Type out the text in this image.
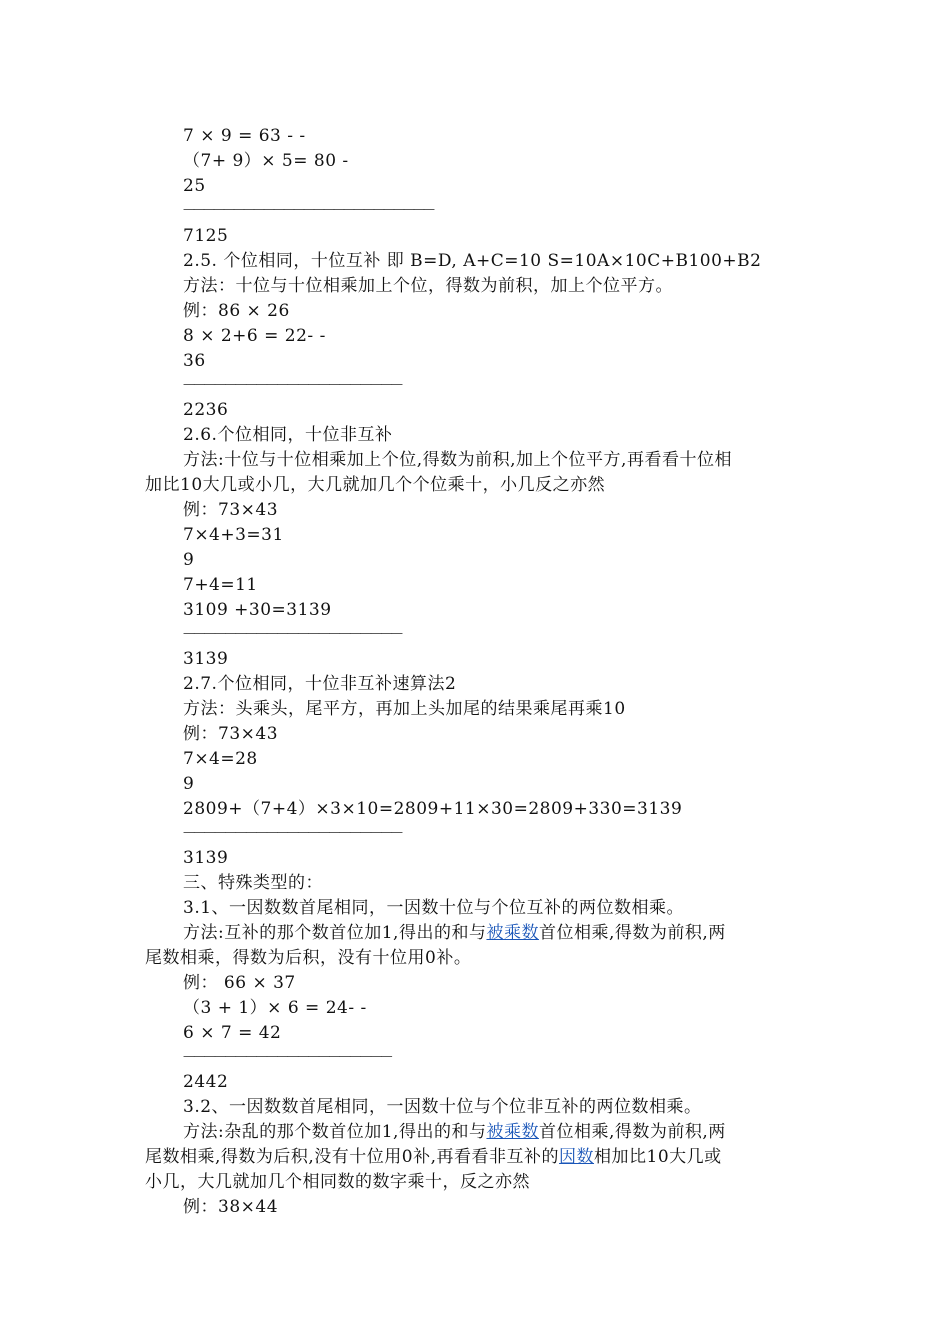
7 × 9 = 63 - -
（7+ 9）× 5= 80 -
25
—————————————————————————
7125
2.5. 个位相同，十位互补 即 B=D, A+C=10 S=10A×10C+B100+B2
方法：十位与十位相乘加上个位，得数为前积，加上个位平方。
例：86 × 26
8 × 2+6 = 22- -
36
—————————————————————
2236
2.6.个位相同，十位非互补
方法:十位与十位相乘加上个位,得数为前积,加上个位平方,再看看十位相
加比10大几或小几，大几就加几个个位乘十，小几反之亦然
例：73×43
7×4+3=31
9
7+4=11
3109 +30=3139
—————————————————————
3139
2.7.个位相同，十位非互补速算法2
方法：头乘头，尾平方，再加上头加尾的结果乘尾再乘10
例：73×43
7×4=28
9
2809+（7+4）×3×10=2809+11×30=2809+330=3139
—————————————————————
3139
三、特殊类型的：
3.1、一因数数首尾相同，一因数十位与个位互补的两位数相乘。
方法:互补的那个数首位加1,得出的和与被乘数首位相乘,得数为前积,两
尾数相乘，得数为后积，没有十位用0补。
例： 66 × 37
（3 + 1）× 6 = 24- -
6 × 7 = 42
————————————————————
2442
3.2、一因数数首尾相同，一因数十位与个位非互补的两位数相乘。
方法:杂乱的那个数首位加1,得出的和与被乘数首位相乘,得数为前积,两
尾数相乘,得数为后积,没有十位用0补,再看看非互补的因数相加比10大几或
小几，大几就加几个相同数的数字乘十，反之亦然
例：38×44
